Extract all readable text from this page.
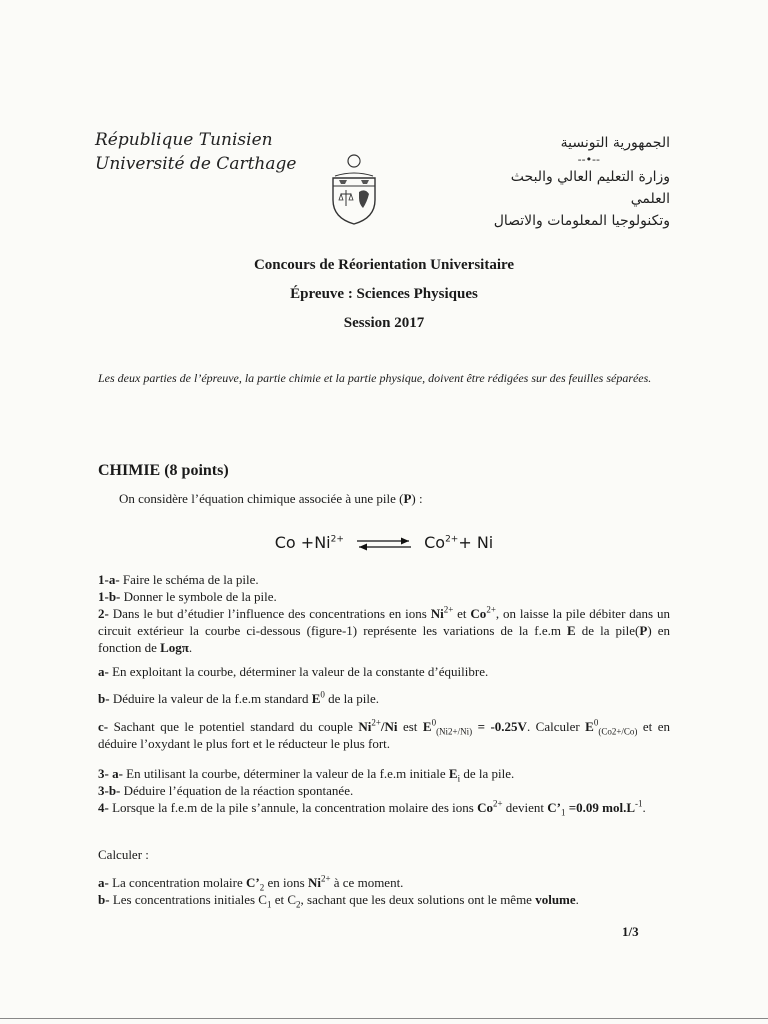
République Tunisien
Université de Carthage
الجمهورية التونسية
--•--
وزارة التعليم العالي والبحث العلمي
وتكنولوجيا المعلومات والاتصال
Concours de Réorientation Universitaire
Épreuve : Sciences Physiques
Session 2017
Les deux parties de l’épreuve, la partie chimie et la partie physique, doivent être rédigées sur des feuilles séparées.
CHIMIE (8 points)
On considère l’équation chimique associée à une pile (P) :
$Co +Ni^{2+}$ ⇌ $Co^{2+}+ Ni$
1-a- Faire le schéma de la pile.
1-b- Donner le symbole de la pile.
2- Dans le but d’étudier l’influence des concentrations en ions $Ni^{2+}$ et $Co^{2+}$, on laisse la pile débiter dans un circuit extérieur la courbe ci-dessous (figure-1) représente les variations de la f.e.m E de la pile(P) en fonction de Logπ.
a- En exploitant la courbe, déterminer la valeur de la constante d’équilibre.
b- Déduire la valeur de la f.e.m standard $E^0$ de la pile.
c- Sachant que le potentiel standard du couple $Ni^{2+}/Ni$ est $E^0_{(Ni2+/Ni)} = -0.25V$. Calculer $E^0_{(Co2+/Co)}$ et en déduire l’oxydant le plus fort et le réducteur le plus fort.
3- a- En utilisant la courbe, déterminer la valeur de la f.e.m initiale $E_i$ de la pile.
3-b- Déduire l’équation de la réaction spontanée.
4- Lorsque la f.e.m de la pile s’annule, la concentration molaire des ions $Co^{2+}$ devient $C’_1 =0.09$ $mol.L^{-1}$.
Calculer :
a- La concentration molaire $C’_2$ en ions $Ni^{2+}$ à ce moment.
b- Les concentrations initiales $C_1$ et $C_2$, sachant que les deux solutions ont le même volume.
1/3
